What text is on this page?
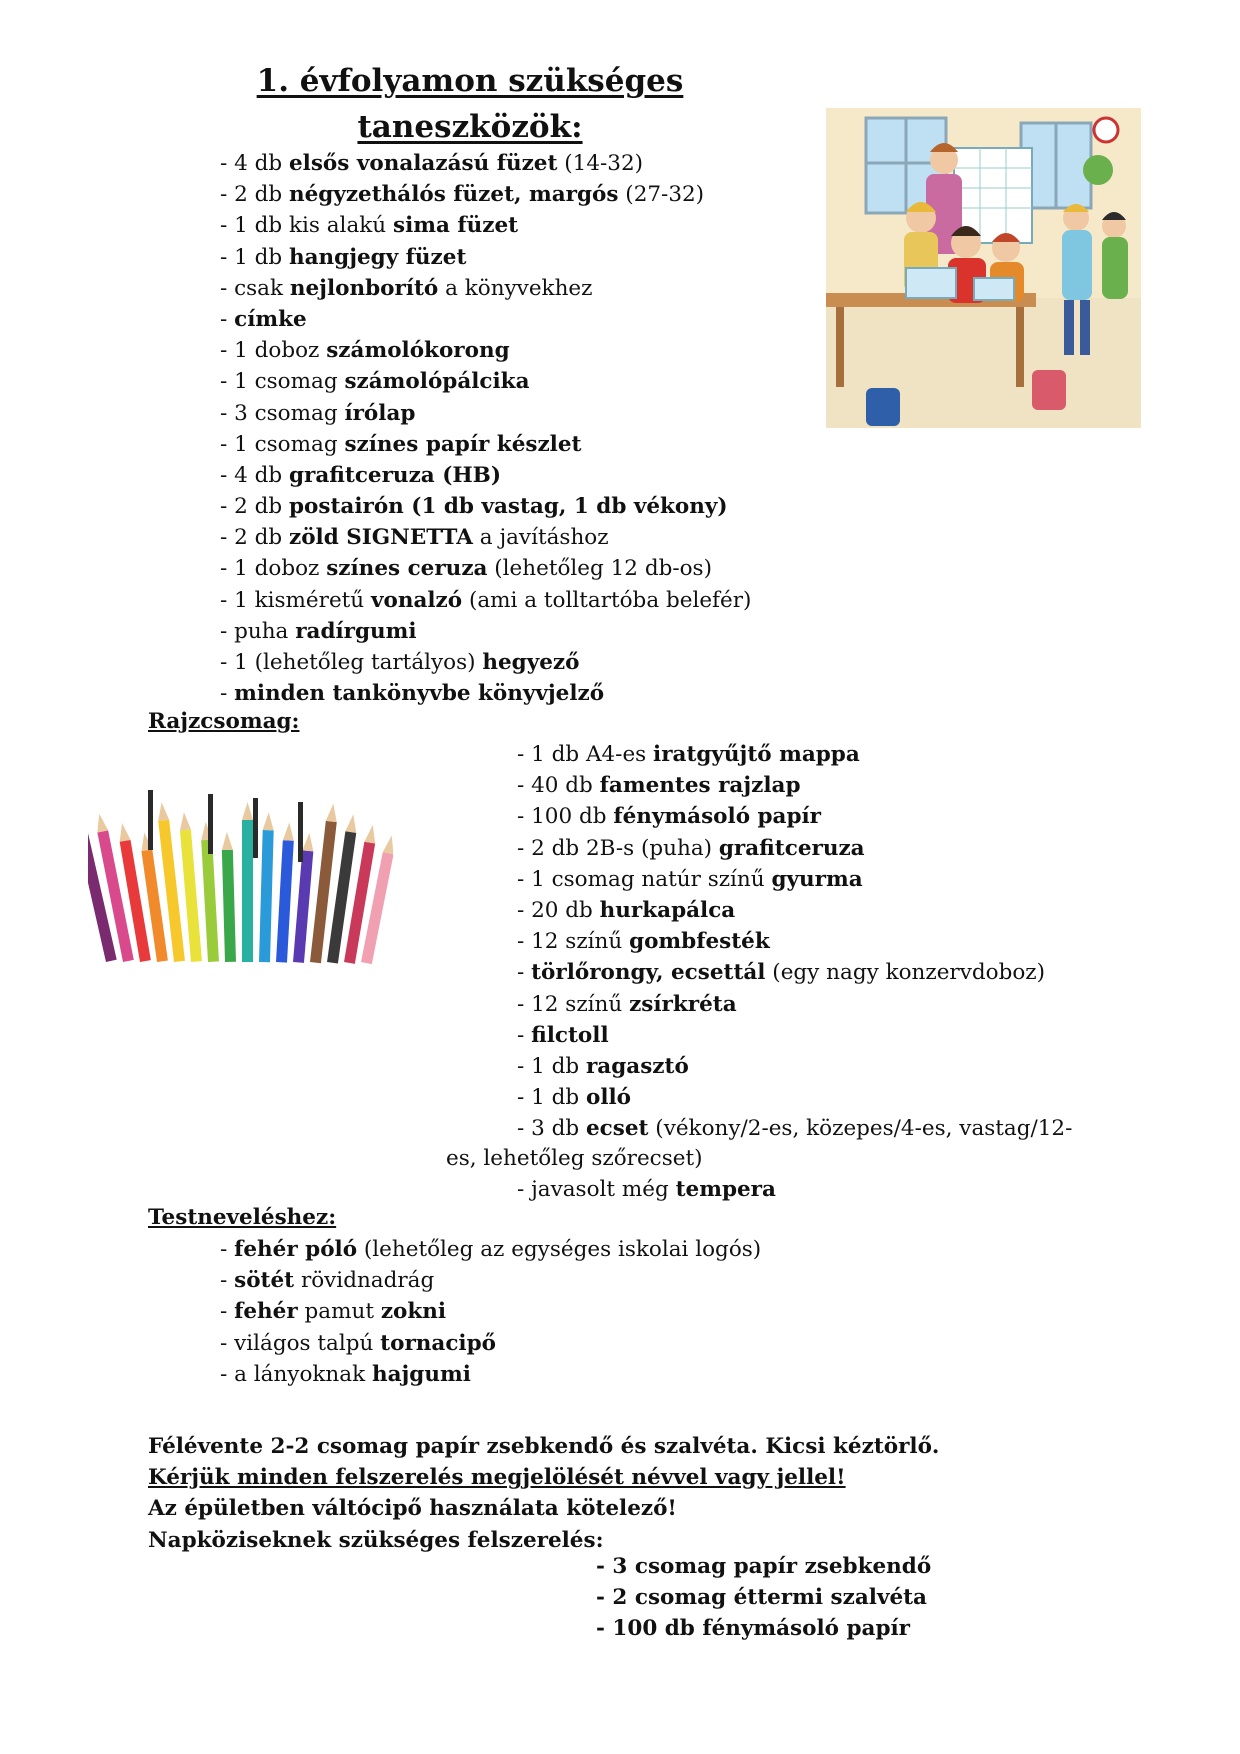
1. évfolyamon szükséges
taneszközök:
- 4 db elsős vonalazású füzet (14-32)
- 2 db négyzethálós füzet, margós (27-32)
- 1 db kis alakú sima füzet
- 1 db hangjegy füzet
- csak nejlonborító a könyvekhez
- címke
- 1 doboz számolókorong
- 1 csomag számolópálcika
- 3 csomag írólap
- 1 csomag színes papír készlet
- 4 db grafitceruza (HB)
- 2 db postairón (1 db vastag, 1 db vékony)
- 2 db zöld SIGNETTA a javításhoz
- 1 doboz színes ceruza (lehetőleg 12 db-os)
- 1 kisméretű vonalzó (ami a tolltartóba belefér)
- puha radírgumi
- 1 (lehetőleg tartályos) hegyező
- minden tankönyvbe könyvjelző
Rajzcsomag:
- 1 db A4-es iratgyűjtő mappa
- 40 db famentes rajzlap
- 100 db fénymásoló papír
- 2 db 2B-s (puha) grafitceruza
- 1 csomag natúr színű gyurma
- 20 db hurkapálca
- 12 színű gombfesték
- törlőrongy, ecsettál (egy nagy konzervdoboz)
- 12 színű zsírkréta
- filctoll
- 1 db ragasztó
- 1 db olló
- 3 db ecset (vékony/2-es, közepes/4-es, vastag/12-
es, lehetőleg szőrecset)
- javasolt még tempera
Testneveléshez:
- fehér póló (lehetőleg az egységes iskolai logós)
- sötét rövidnadrág
- fehér pamut zokni
- világos talpú tornacipő
- a lányoknak hajgumi

Félévente 2-2 csomag papír zsebkendő és szalvéta. Kicsi kéztörlő.

Kérjük minden felszerelés megjelölését névvel vagy jellel!

Az épületben váltócipő használata kötelező!

Napköziseknek szükséges felszerelés:

- 3 csomag papír zsebkendő
- 2 csomag éttermi szalvéta
- 100 db fénymásoló papír
